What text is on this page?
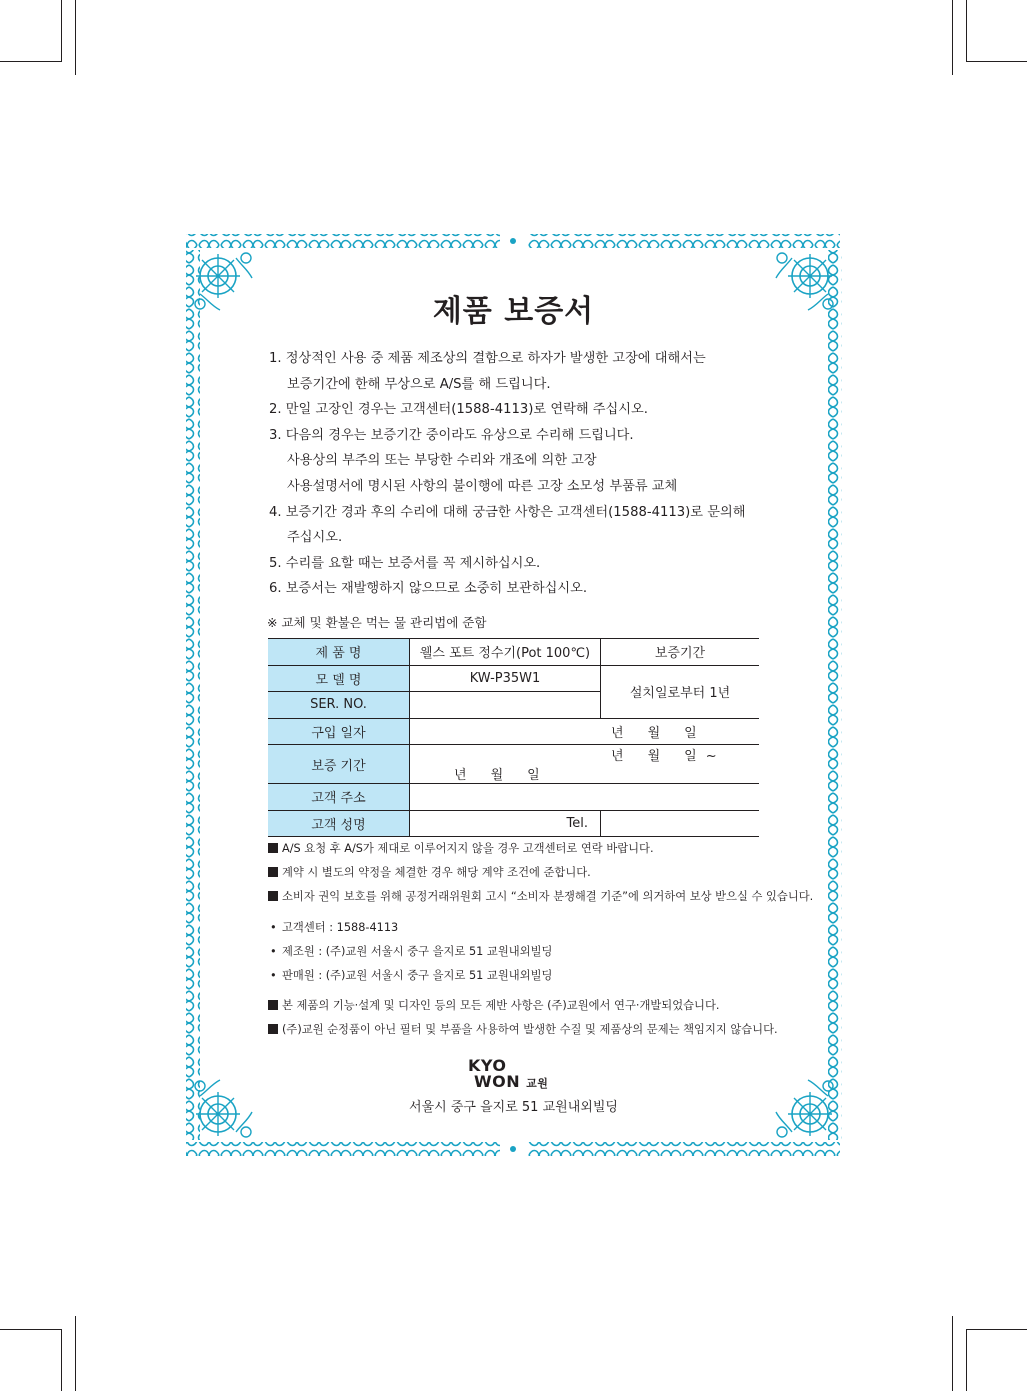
제품 보증서
1. 정상적인 사용 중 제품 제조상의 결함으로 하자가 발생한 고장에 대해서는
보증기간에 한해 무상으로 A/S를 해 드립니다.
2. 만일 고장인 경우는 고객센터(1588-4113)로 연락해 주십시오.
3. 다음의 경우는 보증기간 중이라도 유상으로 수리해 드립니다.
사용상의 부주의 또는 부당한 수리와 개조에 의한 고장
사용설명서에 명시된 사항의 불이행에 따른 고장 소모성 부품류 교체
4. 보증기간 경과 후의 수리에 대해 궁금한 사항은 고객센터(1588-4113)로 문의해
주십시오.
5. 수리를 요할 때는 보증서를 꼭 제시하십시오.
6. 보증서는 재발행하지 않으므로 소중히 보관하십시오.
※ 교체 및 환불은 먹는 물 관리법에 준함
제 품 명	웰스 포트 정수기(Pot 100℃)	보증기간
모 델 명	KW-P35W1	설치일로부터 1년
SER. NO.		
구입 일자	년 월 일	
보증 기간	년 월 일 ~년 월 일	
고객 주소		
고객 성명	Tel.	
A/S 요청 후 A/S가 제대로 이루어지지 않을 경우 고객센터로 연락 바랍니다.
계약 시 별도의 약정을 체결한 경우 해당 계약 조건에 준합니다.
소비자 권익 보호를 위해 공정거래위원회 고시 “소비자 분쟁해결 기준”에 의거하여 보상 받으실 수 있습니다.
• 고객센터 : 1588-4113
• 제조원 : (주)교원 서울시 중구 을지로 51 교원내외빌딩
• 판매원 : (주)교원 서울시 중구 을지로 51 교원내외빌딩
본 제품의 기능·설계 및 디자인 등의 모든 제반 사항은 (주)교원에서 연구·개발되었습니다.
(주)교원 순정품이 아닌 필터 및 부품을 사용하여 발생한 수질 및 제품상의 문제는 책임지지 않습니다.
KYO
WON 교원
서울시 중구 을지로 51 교원내외빌딩
